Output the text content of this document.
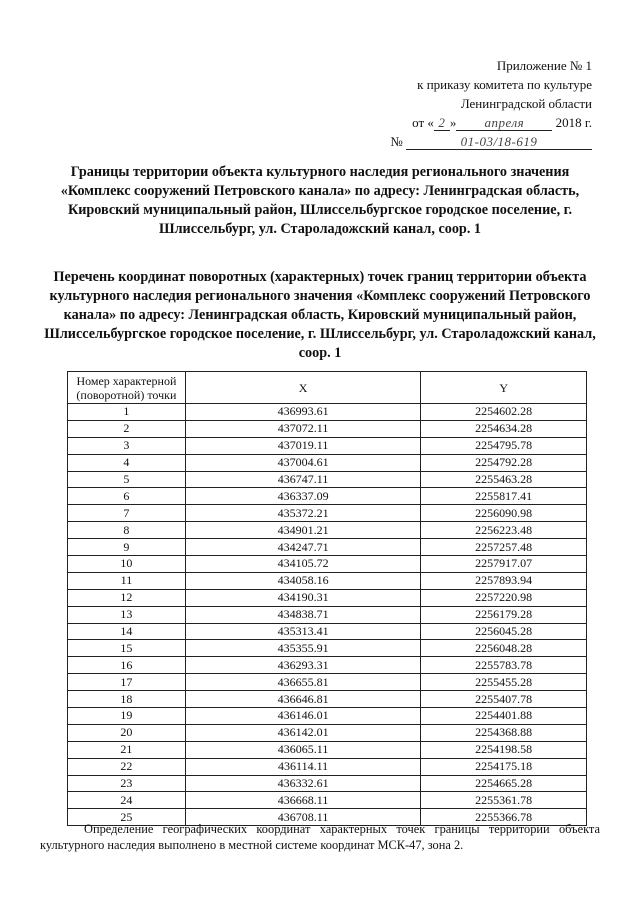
Приложение № 1
к приказу комитета по культуре
Ленинградской области
от « 2 » апреля 2018 г.
№	01-03/18-619
Границы территории объекта культурного наследия регионального значения «Комплекс сооружений Петровского канала» по адресу: Ленинградская область, Кировский муниципальный район, Шлиссельбургское городское поселение, г. Шлиссельбург, ул. Староладожский канал, соор. 1
Перечень координат поворотных (характерных) точек границ территории объекта культурного наследия регионального значения «Комплекс сооружений Петровского канала» по адресу: Ленинградская область, Кировский муниципальный район, Шлиссельбургское городское поселение, г. Шлиссельбург, ул. Староладожский канал, соор. 1
Номер характерной (поворотной) точки	X	Y
1	436993.61	2254602.28
2	437072.11	2254634.28
3	437019.11	2254795.78
4	437004.61	2254792.28
5	436747.11	2255463.28
6	436337.09	2255817.41
7	435372.21	2256090.98
8	434901.21	2256223.48
9	434247.71	2257257.48
10	434105.72	2257917.07
11	434058.16	2257893.94
12	434190.31	2257220.98
13	434838.71	2256179.28
14	435313.41	2256045.28
15	435355.91	2256048.28
16	436293.31	2255783.78
17	436655.81	2255455.28
18	436646.81	2255407.78
19	436146.01	2254401.88
20	436142.01	2254368.88
21	436065.11	2254198.58
22	436114.11	2254175.18
23	436332.61	2254665.28
24	436668.11	2255361.78
25	436708.11	2255366.78
Определение географических координат характерных точек границы территории объекта культурного наследия выполнено в местной системе координат МСК-47, зона 2.
